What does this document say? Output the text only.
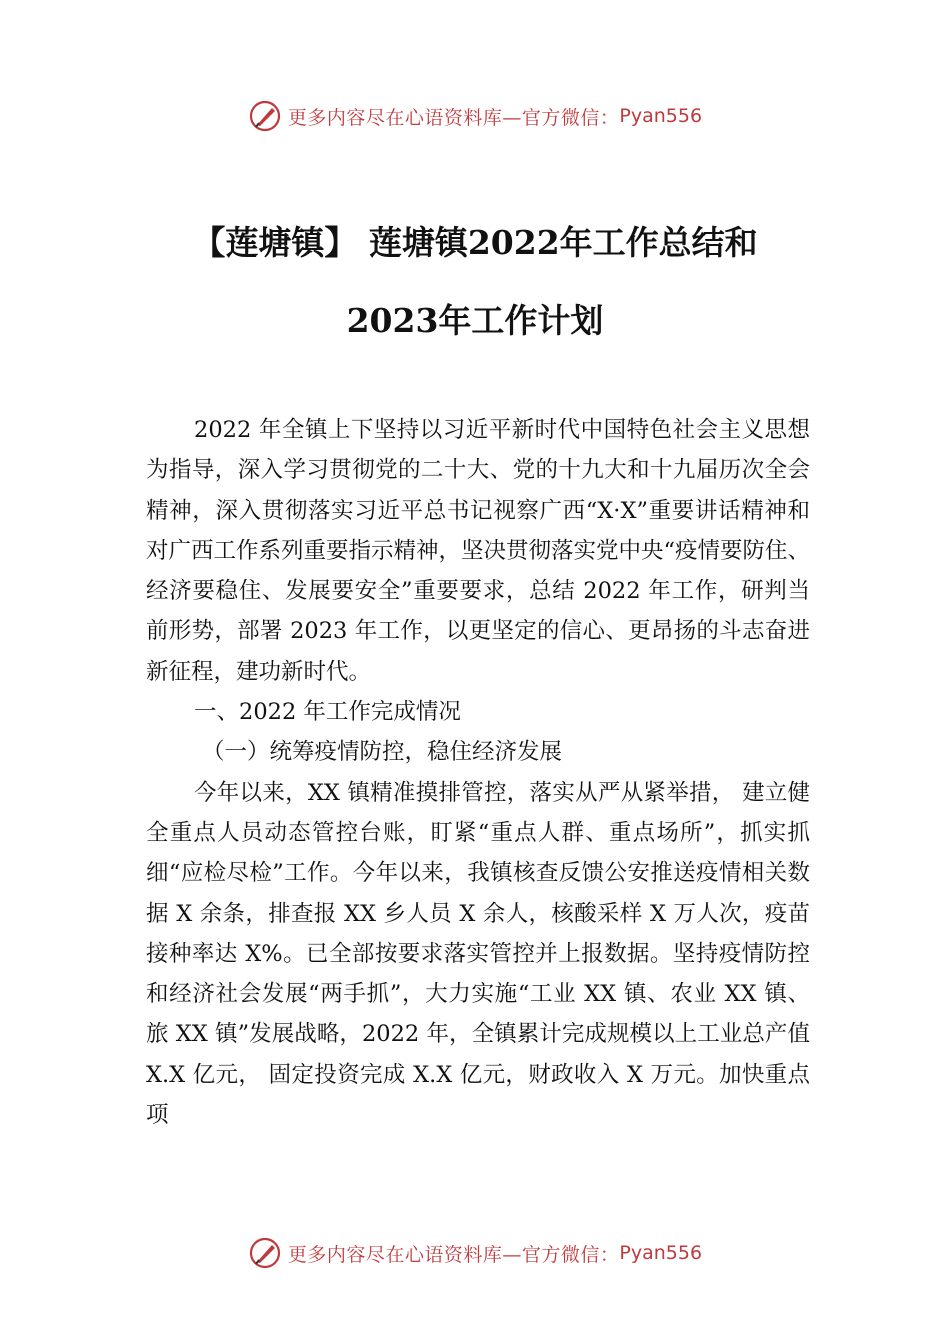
更多内容尽在心语资料库—官方微信： Pyan556
【莲塘镇】 莲塘镇2022年工作总结和
2023年工作计划

2022 年全镇上下坚持以习近平新时代中国特色社会主义思想为指导，深入学习贯彻党的二十大、党的十九大和十九届历次全会精神，深入贯彻落实习近平总书记视察广西“X·X”重要讲话精神和对广西工作系列重要指示精神，坚决贯彻落实党中央“疫情要防住、经济要稳住、发展要安全”重要要求，总结 2022 年工作，研判当前形势，部署 2023 年工作，以更坚定的信心、更昂扬的斗志奋进新征程，建功新时代。

一、2022 年工作完成情况

（一）统筹疫情防控，稳住经济发展

今年以来，XX 镇精准摸排管控，落实从严从紧举措， 建立健全重点人员动态管控台账，盯紧“重点人群、重点场所”，抓实抓细“应检尽检”工作。今年以来，我镇核查反馈公安推送疫情相关数据 X 余条，排查报 XX 乡人员 X 余人，核酸采样 X 万人次，疫苗接种率达 X%。已全部按要求落实管控并上报数据。坚持疫情防控和经济社会发展“两手抓”，大力实施“工业 XX 镇、农业 XX 镇、旅 XX 镇”发展战略，2022 年，全镇累计完成规模以上工业总产值 X.X 亿元， 固定投资完成 X.X 亿元，财政收入 X 万元。加快重点项

更多内容尽在心语资料库—官方微信： Pyan556
